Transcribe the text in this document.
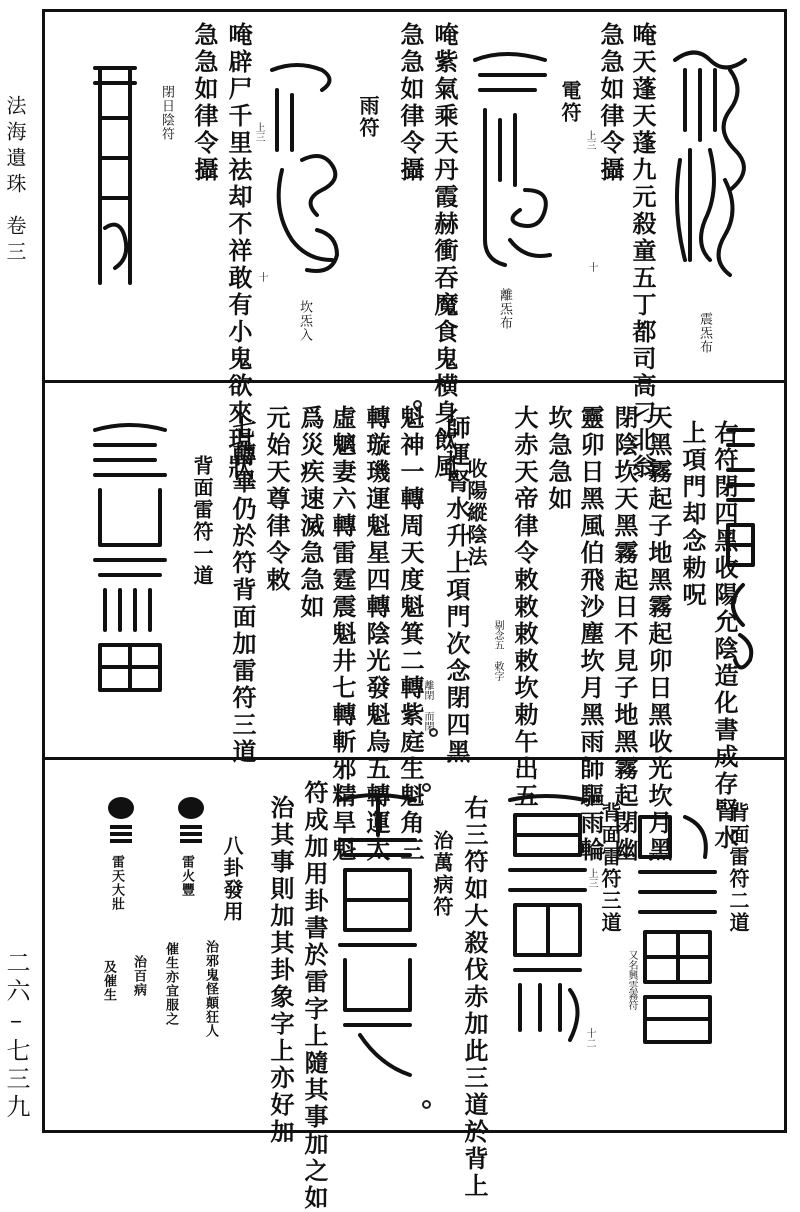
法海遺珠
卷三
二六–七三九
唵天蓬天蓬九元殺童五丁都司高刁北翁
急急如律令攝
電符
上三
十
震炁布
唵紫氣乘天丹霞赫衝吞魔食鬼横身飲風
急急如律令攝
雨符
離炁布
唵辟尸千里祛却不祥敢有小鬼欲來現狀
急急如律令攝
閉日陰符	上三
十
坎炁入
右符閉四黑收陽允陰造化書成存腎水
上項門却念勅呪
天黑霧起子地黑霧起卯日黑收光坎月黑
閉陰坎天黑霧起日不見子地黑霧起閉幽
靈卯日黑風伯飛沙塵坎月黑雨師驅雨輪
坎急急如
大赤天帝律令敕敕敕敕坎勅午出五
剔念五 敕字
收陽縱陰法
師運腎水升上項門次念閉四黑
離閉 而閉
魁神一轉周天度魁箕二轉紫庭生魁角三
轉璇璣運魁星四轉陰光發魁烏五轉運太
虛魑妻六轉雷霆震魁井七轉斬邪精旱魁
爲災疾速滅急急如
元始天尊律令敕
七轉畢仍於符背面加雷符三道
背面雷符一道
背面雷符二道
背面雷符三道
又名興雲霧符
上三
十二
右三符如大殺伐赤加此三道於背上
治萬病符
符成加用卦書於雷字上隨其事加之如
治其事則加其卦象字上亦好加
八卦發用
雷火豐
雷天大壯
治邪鬼怪顛狂人
催生亦宜服之
治百病
及催生
